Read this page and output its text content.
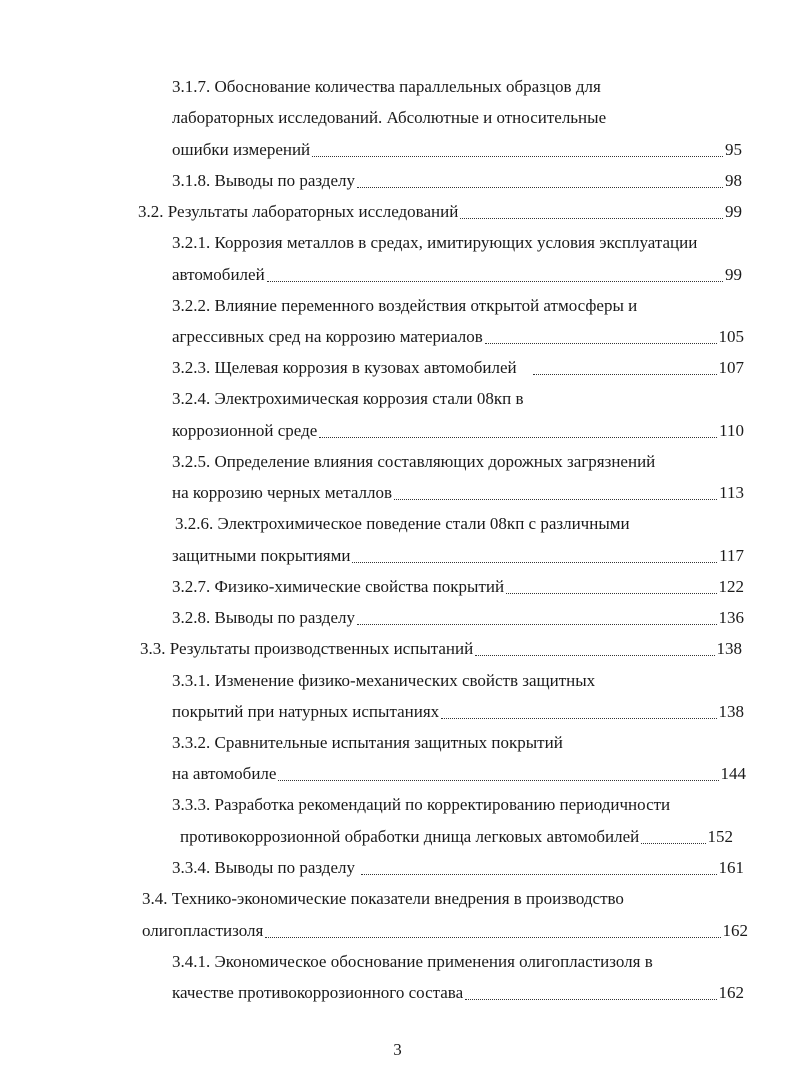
3.1.7. Обоснование количества параллельных образцов для
лабораторных исследований. Абсолютные и относительные
ошибки измерений	95
3.1.8. Выводы по разделу	98
3.2. Результаты лабораторных исследований	99
3.2.1. Коррозия металлов в средах, имитирующих условия эксплуатации
автомобилей	99
3.2.2. Влияние переменного воздействия открытой атмосферы и
агрессивных сред на коррозию материалов	105
3.2.3. Щелевая коррозия в кузовах автомобилей	107
3.2.4. Электрохимическая коррозия стали 08кп в
коррозионной среде	110
3.2.5. Определение влияния составляющих дорожных загрязнений
на коррозию черных металлов	113
3.2.6. Электрохимическое поведение стали 08кп с различными
защитными покрытиями	117
3.2.7. Физико-химические свойства покрытий	122
3.2.8. Выводы по разделу	136
3.3. Результаты производственных испытаний	138
3.3.1. Изменение физико-механических свойств защитных
покрытий при натурных испытаниях	138
3.3.2. Сравнительные испытания защитных покрытий
на автомобиле	144
3.3.3. Разработка рекомендаций по корректированию периодичности
противокоррозионной обработки днища легковых автомобилей	152
3.3.4. Выводы по разделу	161
3.4. Технико-экономические показатели внедрения в производство
олигопластизоля	162
3.4.1. Экономическое обоснование применения олигопластизоля в
качестве противокоррозионного состава	162
3
